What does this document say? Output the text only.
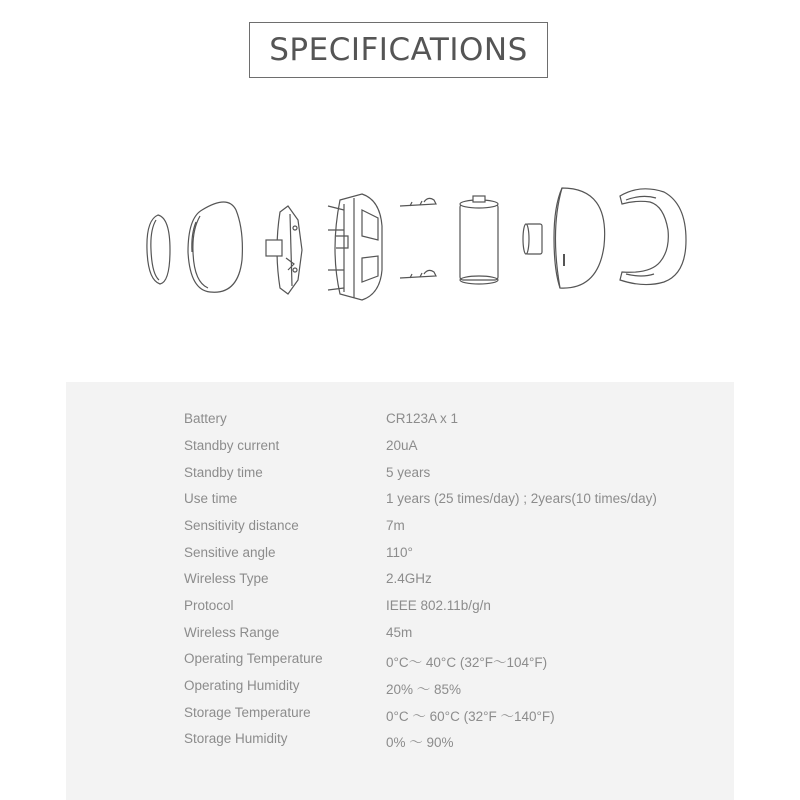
SPECIFICATIONS
Battery	CR123A x 1
Standby current	20uA
Standby time	5 years
Use time	1 years (25 times/day) ; 2years(10 times/day)
Sensitivity distance	7m
Sensitive angle	110°
Wireless Type	2.4GHz
Protocol	IEEE 802.11b/g/n
Wireless Range	45m
Operating Temperature	0°C～ 40°C (32°F～104°F)
Operating Humidity	20% ～ 85%
Storage Temperature	0°C ～ 60°C (32°F ～140°F)
Storage Humidity	0% ～ 90%
